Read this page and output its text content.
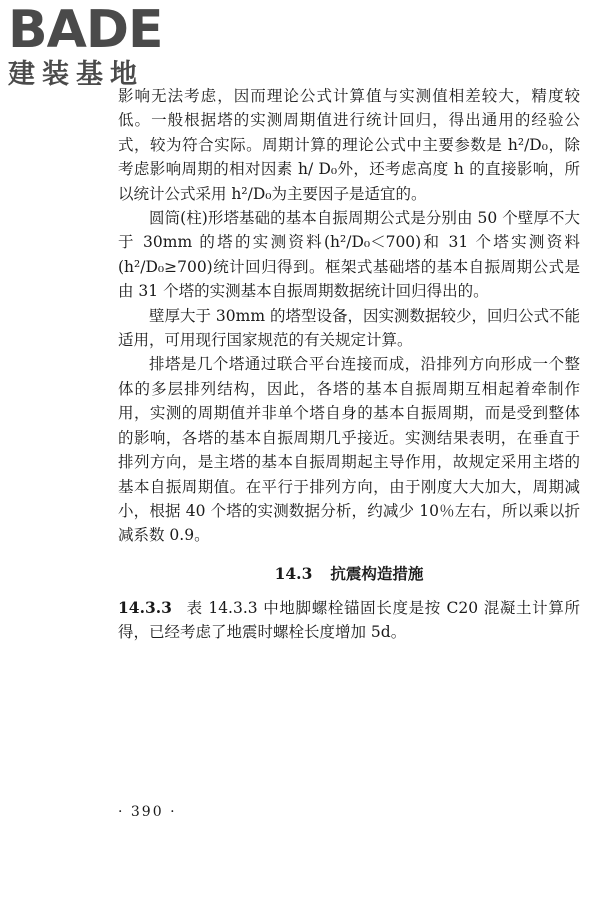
BADE
建装基地

影响无法考虑，因而理论公式计算值与实测值相差较大，精度较低。一般根据塔的实测周期值进行统计回归，得出通用的经验公式，较为符合实际。周期计算的理论公式中主要参数是 h²/D₀，除考虑影响周期的相对因素 h/ D₀外，还考虑高度 h 的直接影响，所以统计公式采用 h²/D₀为主要因子是适宜的。

圆筒(柱)形塔基础的基本自振周期公式是分别由 50 个壁厚不大于 30mm 的塔的实测资料(h²/D₀＜700)和 31 个塔实测资料(h²/D₀≥700)统计回归得到。框架式基础塔的基本自振周期公式是由 31 个塔的实测基本自振周期数据统计回归得出的。

壁厚大于 30mm 的塔型设备，因实测数据较少，回归公式不能适用，可用现行国家规范的有关规定计算。

排塔是几个塔通过联合平台连接而成，沿排列方向形成一个整体的多层排列结构，因此，各塔的基本自振周期互相起着牵制作用，实测的周期值并非单个塔自身的基本自振周期，而是受到整体的影响，各塔的基本自振周期几乎接近。实测结果表明，在垂直于排列方向，是主塔的基本自振周期起主导作用，故规定采用主塔的基本自振周期值。在平行于排列方向，由于刚度大大加大，周期减小，根据 40 个塔的实测数据分析，约减少 10％左右，所以乘以折减系数 0.9。

14.3 抗震构造措施
14.3.3 表 14.3.3 中地脚螺栓锚固长度是按 C20 混凝土计算所得，已经考虑了地震时螺栓长度增加 5d。
· 390 ·
